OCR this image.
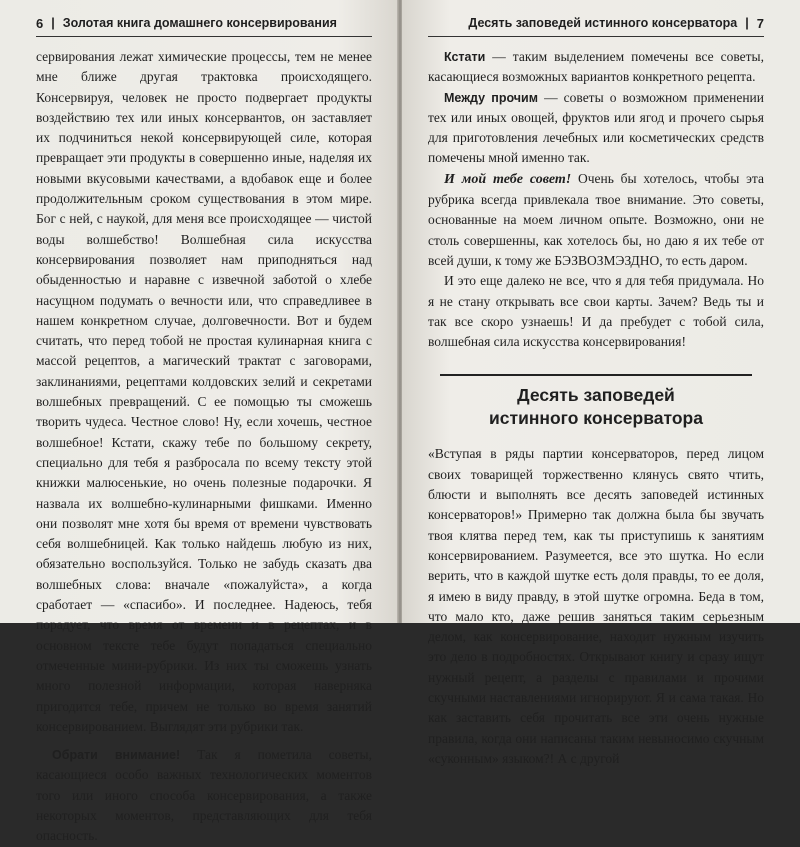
6 | Золотая книга домашнего консервирования

сервирования лежат химические процессы, тем не менее мне ближе другая трактовка происходящего. Консервируя, человек не просто подвергает продукты воздействию тех или иных консервантов, он заставляет их подчиниться некой консервирующей силе, которая превращает эти продукты в совершенно иные, наделяя их новыми вкусовыми качествами, а вдобавок еще и более продолжительным сроком существования в этом мире. Бог с ней, с наукой, для меня все происходящее — чистой воды волшебство! Волшебная сила искусства консервирования позволяет нам приподняться над обыденностью и наравне с извечной заботой о хлебе насущном подумать о вечности или, что справедливее в нашем конкретном случае, долговечности. Вот и будем считать, что перед тобой не простая кулинарная книга с массой рецептов, а магический трактат с заговорами, заклинаниями, рецептами колдовских зелий и секретами волшебных превращений. С ее помощью ты сможешь творить чудеса. Честное слово! Ну, если хочешь, честное волшебное! Кстати, скажу тебе по большому секрету, специально для тебя я разбросала по всему тексту этой книжки малюсенькие, но очень полезные подарочки. Я назвала их волшебно-кулинарными фишками. Именно они позволят мне хотя бы время от времени чувствовать себя волшебницей. Как только найдешь любую из них, обязательно воспользуйся. Только не забудь сказать два волшебных слова: вначале «пожалуйста», а когда сработает — «спасибо». И последнее. Надеюсь, тебя порадует, что время от времени и в рецептах, и в основном тексте тебе будут попадаться специально отмеченные мини-рубрики. Из них ты сможешь узнать много полезной информации, которая наверняка пригодится тебе, причем не только во время занятий консервированием. Выглядят эти рубрики так.

Обрати внимание! Так я пометила советы, касающиеся особо важных технологических моментов того или иного способа консервирования, а также некоторых моментов, представляющих для тебя опасность.

Десять заповедей истинного консерватора | 7

Кстати — таким выделением помечены все советы, касающиеся возможных вариантов конкретного рецепта.

Между прочим — советы о возможном применении тех или иных овощей, фруктов или ягод и прочего сырья для приготовления лечебных или косметических средств помечены мной именно так.

И мой тебе совет! Очень бы хотелось, чтобы эта рубрика всегда привлекала твое внимание. Это советы, основанные на моем личном опыте. Возможно, они не столь совершенны, как хотелось бы, но даю я их тебе от всей души, к тому же БЭЗВОЗМЭЗДНО, то есть даром.

И это еще далеко не все, что я для тебя придумала. Но я не стану открывать все свои карты. Зачем? Ведь ты и так все скоро узнаешь! И да пребудет с тобой сила, волшебная сила искусства консервирования!

Десять заповедей
истинного консерватора

«Вступая в ряды партии консерваторов, перед лицом своих товарищей торжественно клянусь свято чтить, блюсти и выполнять все десять заповедей истинных консерваторов!» Примерно так должна была бы звучать твоя клятва перед тем, как ты приступишь к занятиям консервированием. Разумеется, все это шутка. Но если верить, что в каждой шутке есть доля правды, то ее доля, я имею в виду правду, в этой шутке огромна. Беда в том, что мало кто, даже решив заняться таким серьезным делом, как консервирование, находит нужным изучить это дело в подробностях. Открывают книгу и сразу ищут нужный рецепт, а разделы с правилами и прочими скучными наставлениями игнорируют. Я и сама такая. Но как заставить себя прочитать все эти очень нужные правила, когда они написаны таким невыносимо скучным «суконным» языком?! А с другой
